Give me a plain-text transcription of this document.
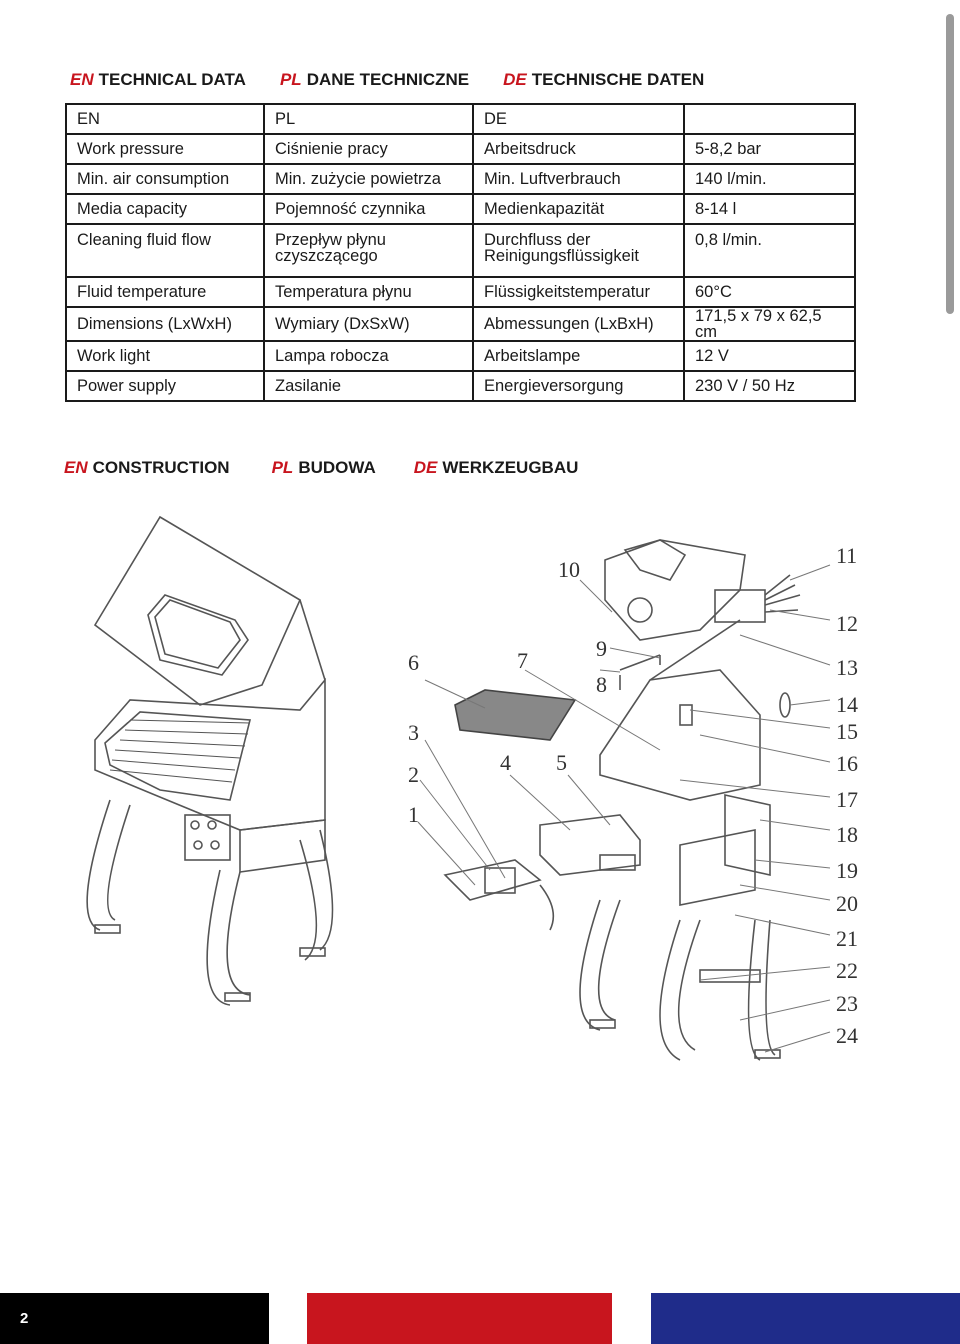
EN TECHNICAL DATA PL DANE TECHNICZNE DE TECHNISCHE DATEN
EN	PL	DE	
Work pressure	Ciśnienie pracy	Arbeitsdruck	5-8,2 bar
Min. air consumption	Min. zużycie powietrza	Min. Luftverbrauch	140 l/min.
Media capacity	Pojemność czynnika	Medienkapazität	8-14 l
Cleaning fluid flow	Przepływ płynu czyszczącego	Durchfluss der Reinigungsflüssigkeit	0,8 l/min.
Fluid temperature	Temperatura płynu	Flüssigkeitstemperatur	60°C
Dimensions (LxWxH)	Wymiary (DxSxW)	Abmessungen (LxBxH)	171,5 x 79 x 62,5 cm
Work light	Lampa robocza	Arbeitslampe	12 V
Power supply	Zasilanie	Energieversorgung	230 V / 50 Hz
EN CONSTRUCTION PL BUDOWA DE WERKZEUGBAU
1
2
3
4 5
6	7
8
9
10
11
12
13
14
15
16
17
18
19
20
21
22
23
24
2
